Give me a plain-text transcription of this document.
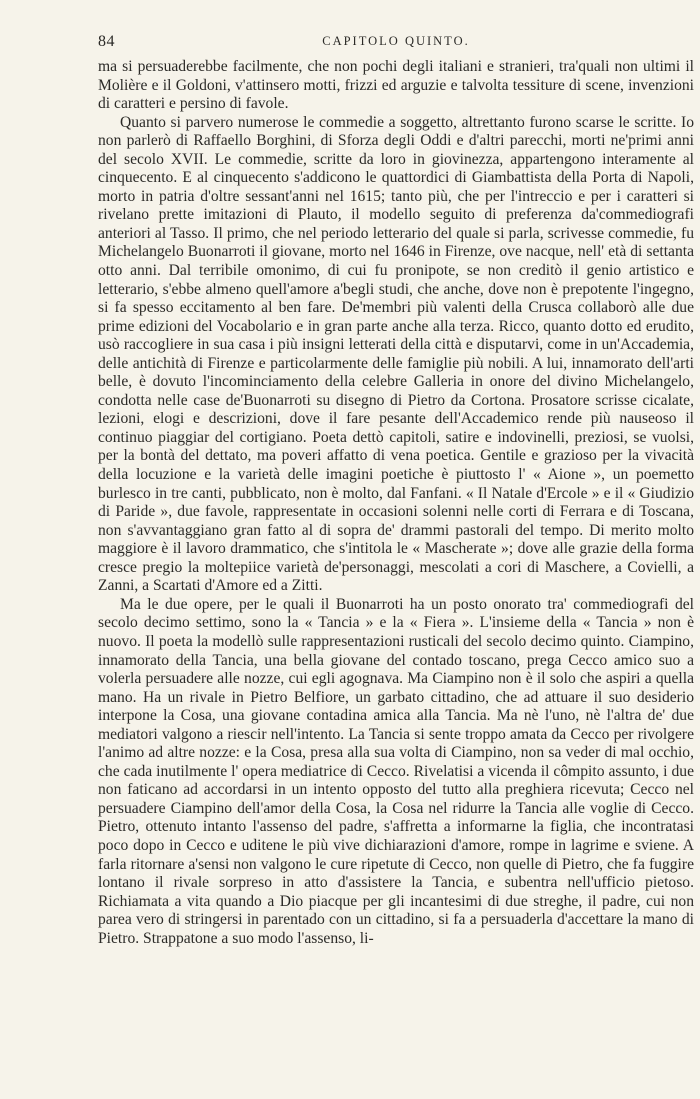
84	CAPITOLO QUINTO.

ma si persuaderebbe facilmente, che non pochi degli italiani e stranieri, tra'quali non ultimi il Molière e il Goldoni, v'attinsero motti, frizzi ed arguzie e talvolta tessiture di scene, invenzioni di caratteri e persino di favole.

Quanto si parvero numerose le commedie a soggetto, altrettanto furono scarse le scritte. Io non parlerò di Raffaello Borghini, di Sforza degli Oddi e d'altri parecchi, morti ne'primi anni del secolo XVII. Le commedie, scritte da loro in giovinezza, appartengono interamente al cinquecento. E al cinquecento s'addicono le quattordici di Giambattista della Porta di Napoli, morto in patria d'oltre sessant'anni nel 1615; tanto più, che per l'intreccio e per i caratteri si rivelano prette imitazioni di Plauto, il modello seguito di preferenza da'commediografi anteriori al Tasso. Il primo, che nel periodo letterario del quale si parla, scrivesse commedie, fu Michelangelo Buonarroti il giovane, morto nel 1646 in Firenze, ove nacque, nell' età di settanta otto anni. Dal terribile omonimo, di cui fu pronipote, se non creditò il genio artistico e letterario, s'ebbe almeno quell'amore a'begli studi, che anche, dove non è prepotente l'ingegno, si fa spesso eccitamento al ben fare. De'membri più valenti della Crusca collaborò alle due prime edizioni del Vocabolario e in gran parte anche alla terza. Ricco, quanto dotto ed erudito, usò raccogliere in sua casa i più insigni letterati della città e disputarvi, come in un'Accademia, delle antichità di Firenze e particolarmente delle famiglie più nobili. A lui, innamorato dell'arti belle, è dovuto l'incominciamento della celebre Galleria in onore del divino Michelangelo, condotta nelle case de'Buonarroti su disegno di Pietro da Cortona. Prosatore scrisse cicalate, lezioni, elogi e descrizioni, dove il fare pesante dell'Accademico rende più nauseoso il continuo piaggiar del cortigiano. Poeta dettò capitoli, satire e indovinelli, preziosi, se vuolsi, per la bontà del dettato, ma poveri affatto di vena poetica. Gentile e grazioso per la vivacità della locuzione e la varietà delle imagini poetiche è piuttosto l' « Aione », un poemetto burlesco in tre canti, pubblicato, non è molto, dal Fanfani. « Il Natale d'Ercole » e il « Giudizio di Paride », due favole, rappresentate in occasioni solenni nelle corti di Ferrara e di Toscana, non s'avvantaggiano gran fatto al di sopra de' drammi pastorali del tempo. Di merito molto maggiore è il lavoro drammatico, che s'intitola le « Mascherate »; dove alle grazie della forma cresce pregio la moltepiice varietà de'personaggi, mescolati a cori di Maschere, a Covielli, a Zanni, a Scartati d'Amore ed a Zitti.

Ma le due opere, per le quali il Buonarroti ha un posto onorato tra' commediografi del secolo decimo settimo, sono la « Tancia » e la « Fiera ». L'insieme della « Tancia » non è nuovo. Il poeta la modellò sulle rappresentazioni rusticali del secolo decimo quinto. Ciampino, innamorato della Tancia, una bella giovane del contado toscano, prega Cecco amico suo a volerla persuadere alle nozze, cui egli agognava. Ma Ciampino non è il solo che aspiri a quella mano. Ha un rivale in Pietro Belfiore, un garbato cittadino, che ad attuare il suo desiderio interpone la Cosa, una giovane contadina amica alla Tancia. Ma nè l'uno, nè l'altra de' due mediatori valgono a riescir nell'intento. La Tancia si sente troppo amata da Cecco per rivolgere l'animo ad altre nozze: e la Cosa, presa alla sua volta di Ciampino, non sa veder di mal occhio, che cada inutilmente l' opera mediatrice di Cecco. Rivelatisi a vicenda il cômpito assunto, i due non faticano ad accordarsi in un intento opposto del tutto alla preghiera ricevuta; Cecco nel persuadere Ciampino dell'amor della Cosa, la Cosa nel ridurre la Tancia alle voglie di Cecco. Pietro, ottenuto intanto l'assenso del padre, s'affretta a informarne la figlia, che incontratasi poco dopo in Cecco e uditene le più vive dichiarazioni d'amore, rompe in lagrime e sviene. A farla ritornare a'sensi non valgono le cure ripetute di Cecco, non quelle di Pietro, che fa fuggire lontano il rivale sorpreso in atto d'assistere la Tancia, e subentra nell'ufficio pietoso. Richiamata a vita quando a Dio piacque per gli incantesimi di due streghe, il padre, cui non parea vero di stringersi in parentado con un cittadino, si fa a persuaderla d'accettare la mano di Pietro. Strappatone a suo modo l'assenso, li-
